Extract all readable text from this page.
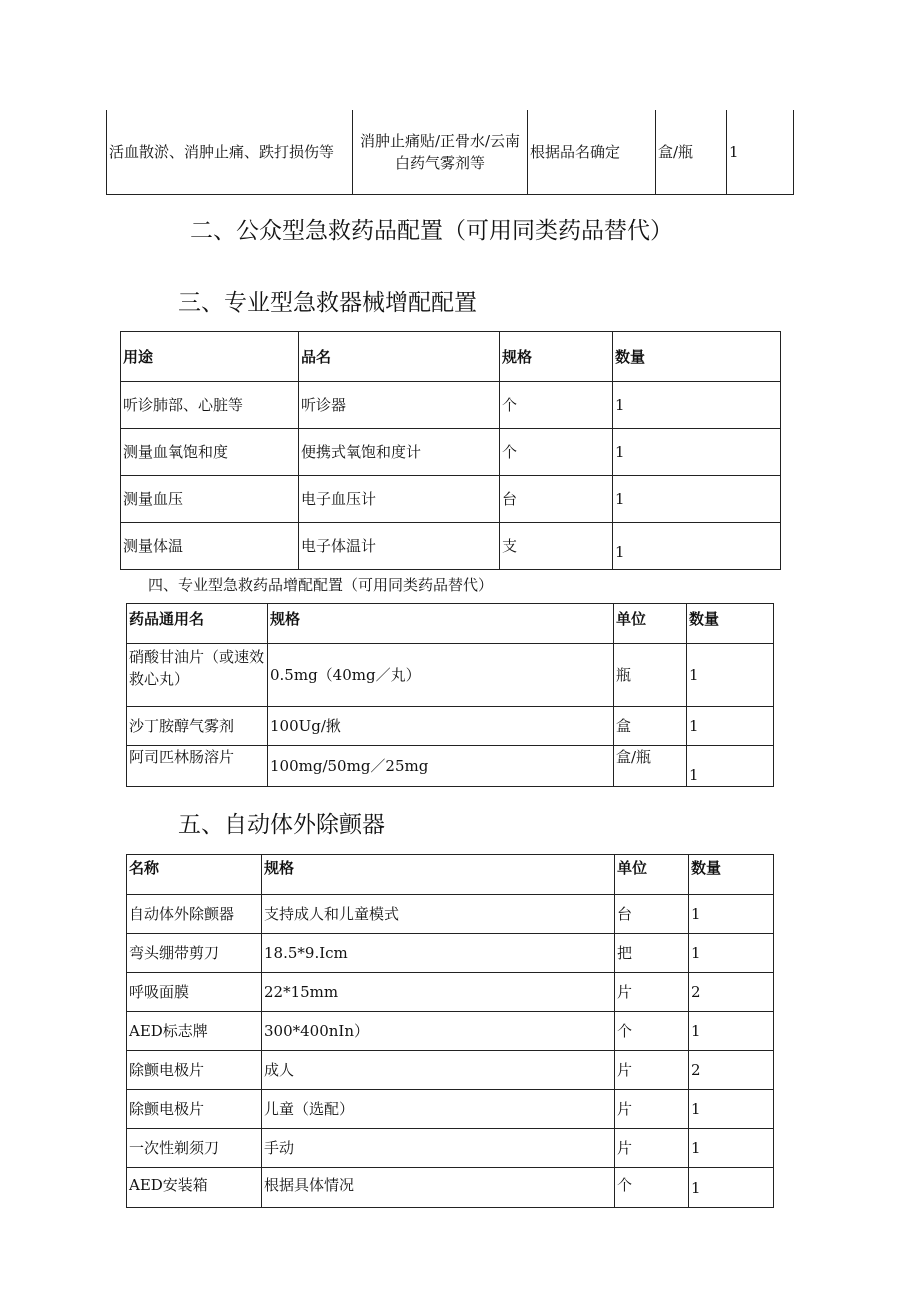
活血散淤、消肿止痛、跌打损伤等	消肿止痛贴/正骨水/云南白药气雾剂等	根据品名确定	盒/瓶	1
二、公众型急救药品配置（可用同类药品替代）
三、专业型急救器械增配配置
用途	品名	规格	数量
听诊肺部、心脏等	听诊器	个	1
测量血氧饱和度	便携式氧饱和度计	个	1
测量血压	电子血压计	台	1
测量体温	电子体温计	支	1
四、专业型急救药品增配配置（可用同类药品替代）
药品通用名	规格	单位	数量
硝酸甘油片（或速效救心丸）	0.5mg（40mg／丸）	瓶	1
沙丁胺醇气雾剂	100Ug/揪	盒	1
阿司匹林肠溶片	100mg/50mg／25mg	盒/瓶	1
五、自动体外除颤器
名称	规格	单位	数量
自动体外除颤器	支持成人和儿童模式	台	1
弯头绷带剪刀	18.5*9.Icm	把	1
呼吸面膜	22*15mm	片	2
AED标志牌	300*400nIn）	个	1
除颤电极片	成人	片	2
除颤电极片	儿童（选配）	片	1
一次性剃须刀	手动	片	1
AED安装箱	根据具体情况	个	1
